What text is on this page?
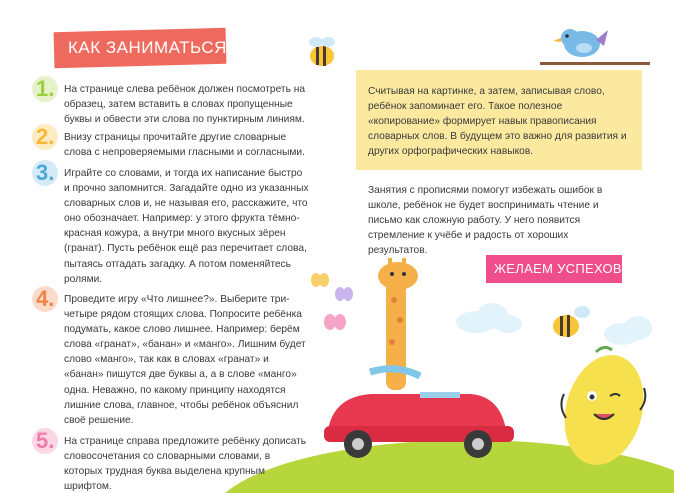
КАК ЗАНИМАТЬСЯ?
1. На странице слева ребёнок должен посмотреть на образец, затем вставить в словах пропущенные буквы и обвести эти слова по пунктирным линиям.
2. Внизу страницы прочитайте другие словарные слова с непроверяемыми гласными и согласными.
3. Играйте со словами, и тогда их написание быстро и прочно запомнится. Загадайте одно из указанных словарных слов и, не называя его, расскажите, что оно обозначает. Например: у этого фрукта тёмно-красная кожура, а внутри много вкусных зёрен (гранат). Пусть ребёнок ещё раз перечитает слова, пытаясь отгадать загадку. А потом поменяйтесь ролями.
4. Проведите игру «Что лишнее?». Выберите три-четыре рядом стоящих слова. Попросите ребёнка подумать, какое слово лишнее. Например: берём слова «гранат», «банан» и «манго». Лишним будет слово «манго», так как в словах «гранат» и «банан» пишутся две буквы а, а в слове «манго» одна. Неважно, по какому принципу находятся лишние слова, главное, чтобы ребёнок объяснил своё решение.
5. На странице справа предложите ребёнку дописать словосочетания со словарными словами, в которых трудная буква выделена крупным шрифтом.
Считывая на картинке, а затем, записывая слово, ребёнок запоминает его. Такое полезное «копирование» формирует навык правописания словарных слов. В будущем это важно для развития и других орфографических навыков.
Занятия с прописями помогут избежать ошибок в школе, ребёнок не будет воспринимать чтение и письмо как сложную работу. У него появится стремление к учёбе и радость от хороших результатов.
ЖЕЛАЕМ УСПЕХОВ!
